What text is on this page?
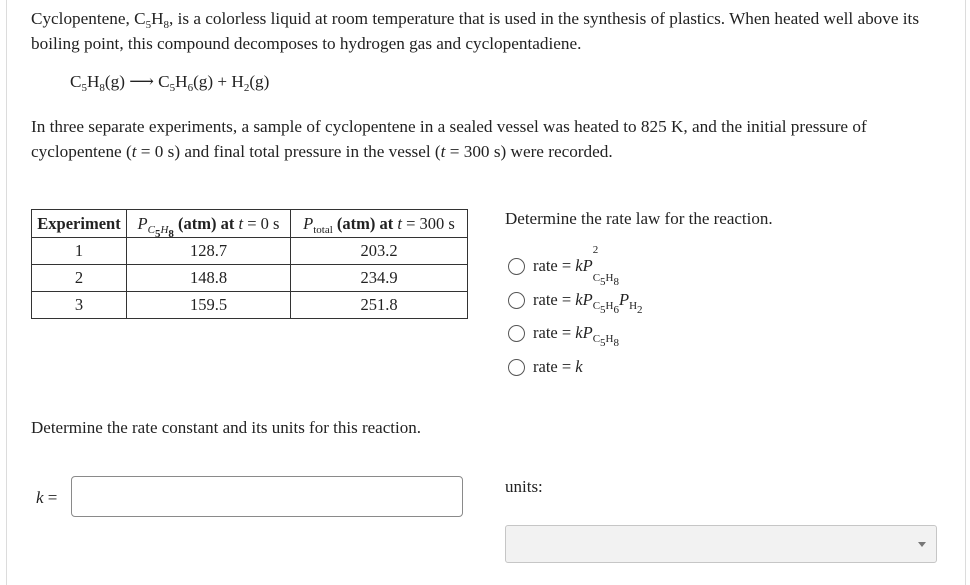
Cyclopentene, $C_5H_8$, is a colorless liquid at room temperature that is used in the synthesis of plastics. When heated well above its boiling point, this compound decomposes to hydrogen gas and cyclopentadiene.

$C_5H_8(g)$ ⟶ $C_5H_6(g) + H_2(g)$

In three separate experiments, a sample of cyclopentene in a sealed vessel was heated to 825 K, and the initial pressure of cyclopentene (t = 0 s) and final total pressure in the vessel (t = 300 s) were recorded.

Experiment	$P_{C_5H_8}$ (atm) at t = 0 s	$P_{total}$ (atm) at t = 300 s
1	128.7	203.2
2	148.8	234.9
3	159.5	251.8
Determine the rate law for the reaction.
rate = kP
2
$_{C_5H_8}$
rate = $kP_{C_5H_6}P_{H_2}$
rate = $kP_{C_5H_8}$
rate = k
Determine the rate constant and its units for this reaction.
k =
units:
